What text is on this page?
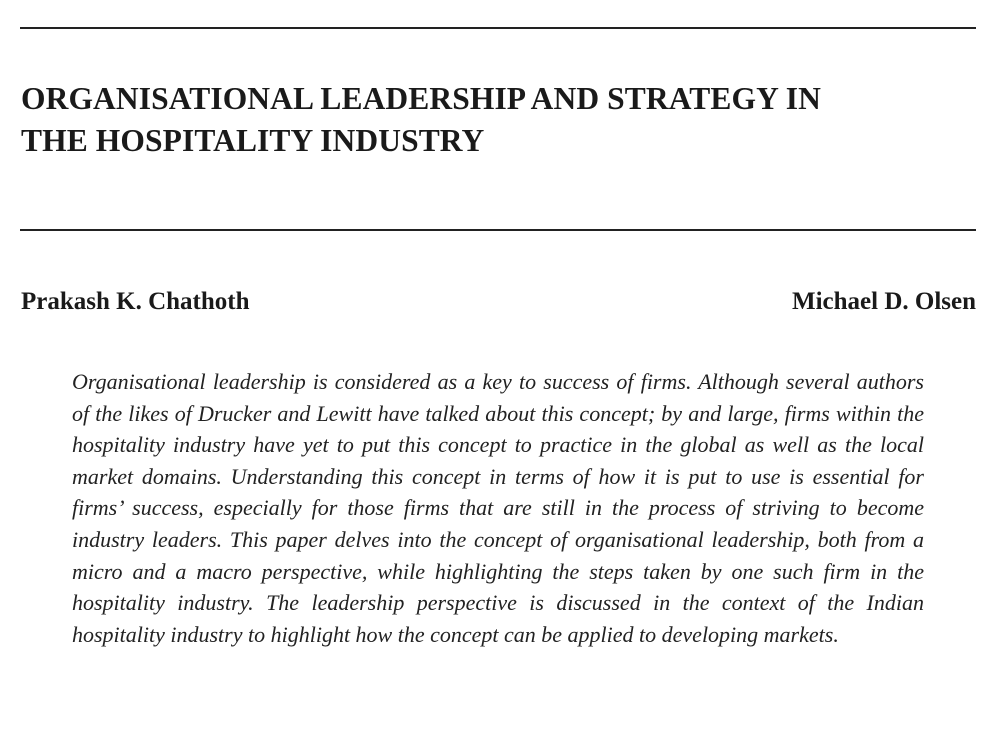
ORGANISATIONAL LEADERSHIP AND STRATEGY IN
THE HOSPITALITY INDUSTRY
Prakash K. Chathoth	Michael D. Olsen

Organisational leadership is considered as a key to success of firms. Although several authors of the likes of Drucker and Lewitt have talked about this concept; by and large, firms within the hospitality industry have yet to put this concept to practice in the global as well as the local market domains. Understanding this concept in terms of how it is put to use is essential for firms’ success, especially for those firms that are still in the process of striving to become industry leaders. This paper delves into the concept of organisational leadership, both from a micro and a macro perspective, while highlighting the steps taken by one such firm in the hospitality industry. The leadership perspective is discussed in the context of the Indian hospitality industry to highlight how the concept can be applied to developing markets.
